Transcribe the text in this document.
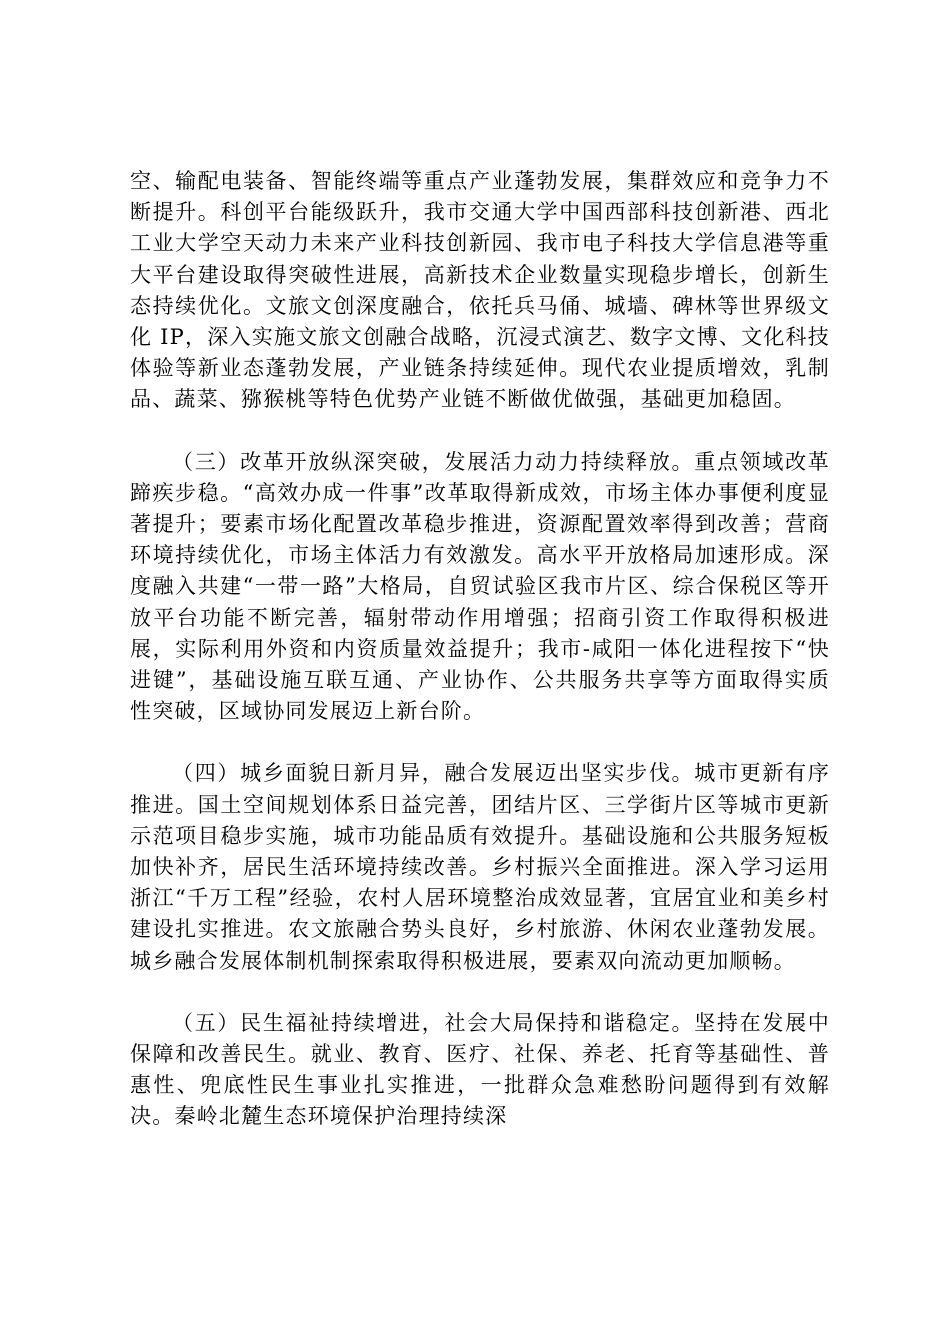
空、输配电装备、智能终端等重点产业蓬勃发展，集群效应和竞争力不断提升。科创平台能级跃升，我市交通大学中国西部科技创新港、西北工业大学空天动力未来产业科技创新园、我市电子科技大学信息港等重大平台建设取得突破性进展，高新技术企业数量实现稳步增长，创新生态持续优化。文旅文创深度融合，依托兵马俑、城墙、碑林等世界级文化 IP，深入实施文旅文创融合战略，沉浸式演艺、数字文博、文化科技体验等新业态蓬勃发展，产业链条持续延伸。现代农业提质增效，乳制品、蔬菜、猕猴桃等特色优势产业链不断做优做强，基础更加稳固。

（三）改革开放纵深突破，发展活力动力持续释放。重点领域改革蹄疾步稳。“高效办成一件事”改革取得新成效，市场主体办事便利度显著提升；要素市场化配置改革稳步推进，资源配置效率得到改善；营商环境持续优化，市场主体活力有效激发。高水平开放格局加速形成。深度融入共建“一带一路”大格局，自贸试验区我市片区、综合保税区等开放平台功能不断完善，辐射带动作用增强；招商引资工作取得积极进展，实际利用外资和内资质量效益提升；我市-咸阳一体化进程按下“快进键”，基础设施互联互通、产业协作、公共服务共享等方面取得实质性突破，区域协同发展迈上新台阶。

（四）城乡面貌日新月异，融合发展迈出坚实步伐。城市更新有序推进。国土空间规划体系日益完善，团结片区、三学街片区等城市更新示范项目稳步实施，城市功能品质有效提升。基础设施和公共服务短板加快补齐，居民生活环境持续改善。乡村振兴全面推进。深入学习运用浙江“千万工程”经验，农村人居环境整治成效显著，宜居宜业和美乡村建设扎实推进。农文旅融合势头良好，乡村旅游、休闲农业蓬勃发展。城乡融合发展体制机制探索取得积极进展，要素双向流动更加顺畅。

（五）民生福祉持续增进，社会大局保持和谐稳定。坚持在发展中保障和改善民生。就业、教育、医疗、社保、养老、托育等基础性、普惠性、兜底性民生事业扎实推进，一批群众急难愁盼问题得到有效解决。秦岭北麓生态环境保护治理持续深
